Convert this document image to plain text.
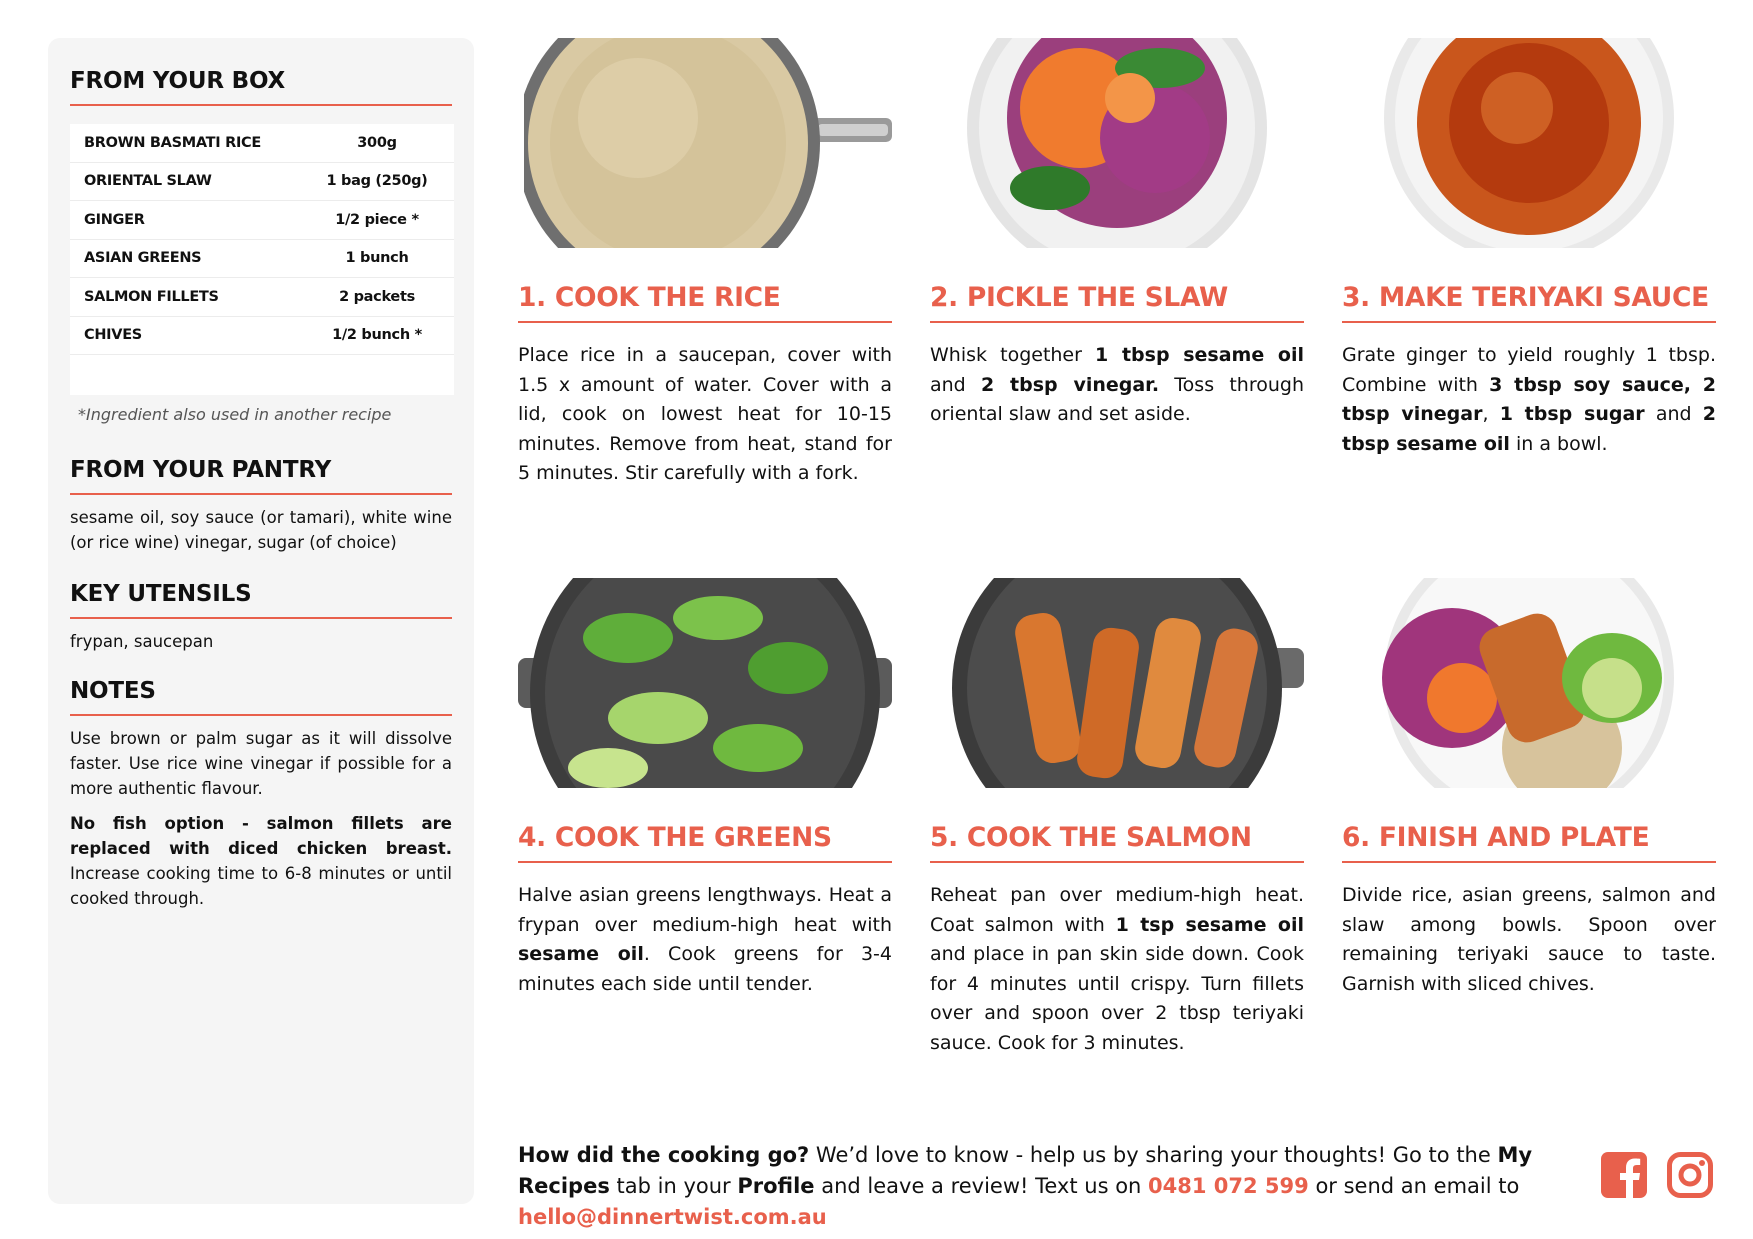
FROM YOUR BOX
BROWN BASMATI RICE	300g
ORIENTAL SLAW	1 bag (250g)
GINGER	1/2 piece *
ASIAN GREENS	1 bunch
SALMON FILLETS	2 packets
CHIVES	1/2 bunch *
*Ingredient also used in another recipe
FROM YOUR PANTRY
sesame oil, soy sauce (or tamari), white wine (or rice wine) vinegar, sugar (of choice)
KEY UTENSILS
frypan, saucepan
NOTES
Use brown or palm sugar as it will dissolve faster. Use rice wine vinegar if possible for a more authentic flavour.
No fish option - salmon fillets are replaced with diced chicken breast. Increase cooking time to 6-8 minutes or until cooked through.
1. COOK THE RICE
Place rice in a saucepan, cover with 1.5 x amount of water. Cover with a lid, cook on lowest heat for 10-15 minutes. Remove from heat, stand for 5 minutes. Stir carefully with a fork.
2. PICKLE THE SLAW
Whisk together 1 tbsp sesame oil and 2 tbsp vinegar. Toss through oriental slaw and set aside.
3. MAKE TERIYAKI SAUCE
Grate ginger to yield roughly 1 tbsp. Combine with 3 tbsp soy sauce, 2 tbsp vinegar, 1 tbsp sugar and 2 tbsp sesame oil in a bowl.
4. COOK THE GREENS
Halve asian greens lengthways. Heat a frypan over medium-high heat with sesame oil. Cook greens for 3-4 minutes each side until tender.
5. COOK THE SALMON
Reheat pan over medium-high heat. Coat salmon with 1 tsp sesame oil and place in pan skin side down. Cook for 4 minutes until crispy. Turn fillets over and spoon over 2 tbsp teriyaki sauce. Cook for 3 minutes.
6. FINISH AND PLATE
Divide rice, asian greens, salmon and slaw among bowls. Spoon over remaining teriyaki sauce to taste. Garnish with sliced chives.
How did the cooking go? We’d love to know - help us by sharing your thoughts! Go to the My Recipes tab in your Profile and leave a review! Text us on 0481 072 599 or send an email to hello@dinnertwist.com.au
